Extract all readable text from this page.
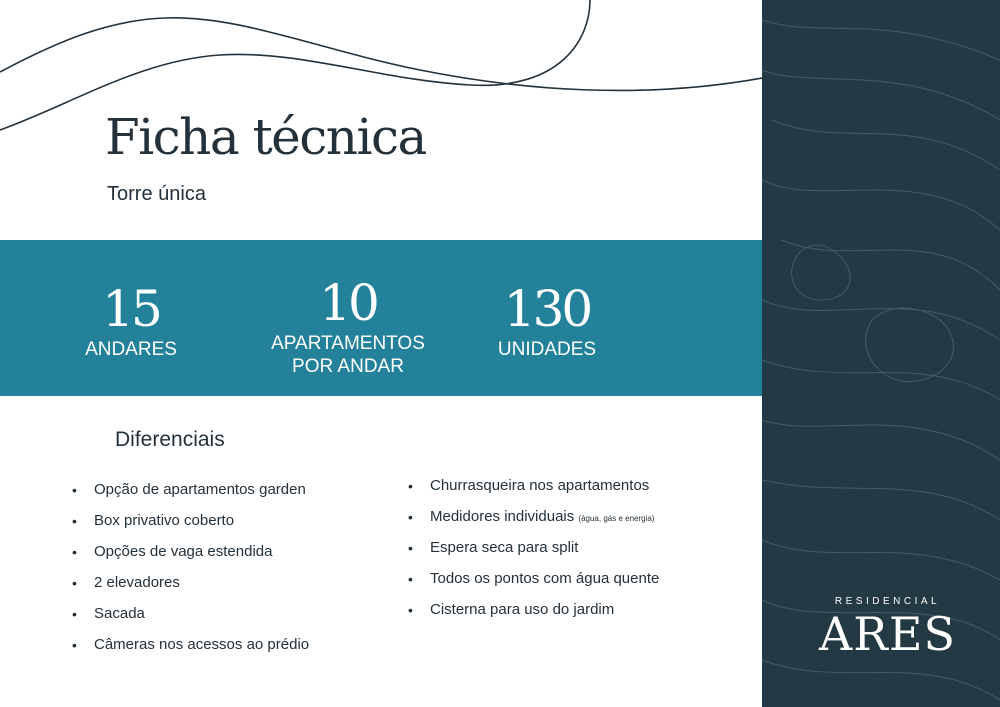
Ficha técnica
Torre única
15
ANDARES
10
APARTAMENTOS
POR ANDAR
130
UNIDADES
Diferenciais
• Opção de apartamentos garden
• Box privativo coberto
• Opções de vaga estendida
• 2 elevadores
• Sacada
• Câmeras nos acessos ao prédio
• Churrasqueira nos apartamentos
• Medidores individuais (água, gás e energia)
• Espera seca para split
• Todos os pontos com água quente
• Cisterna para uso do jardim	RESIDENCIAL
ARES
